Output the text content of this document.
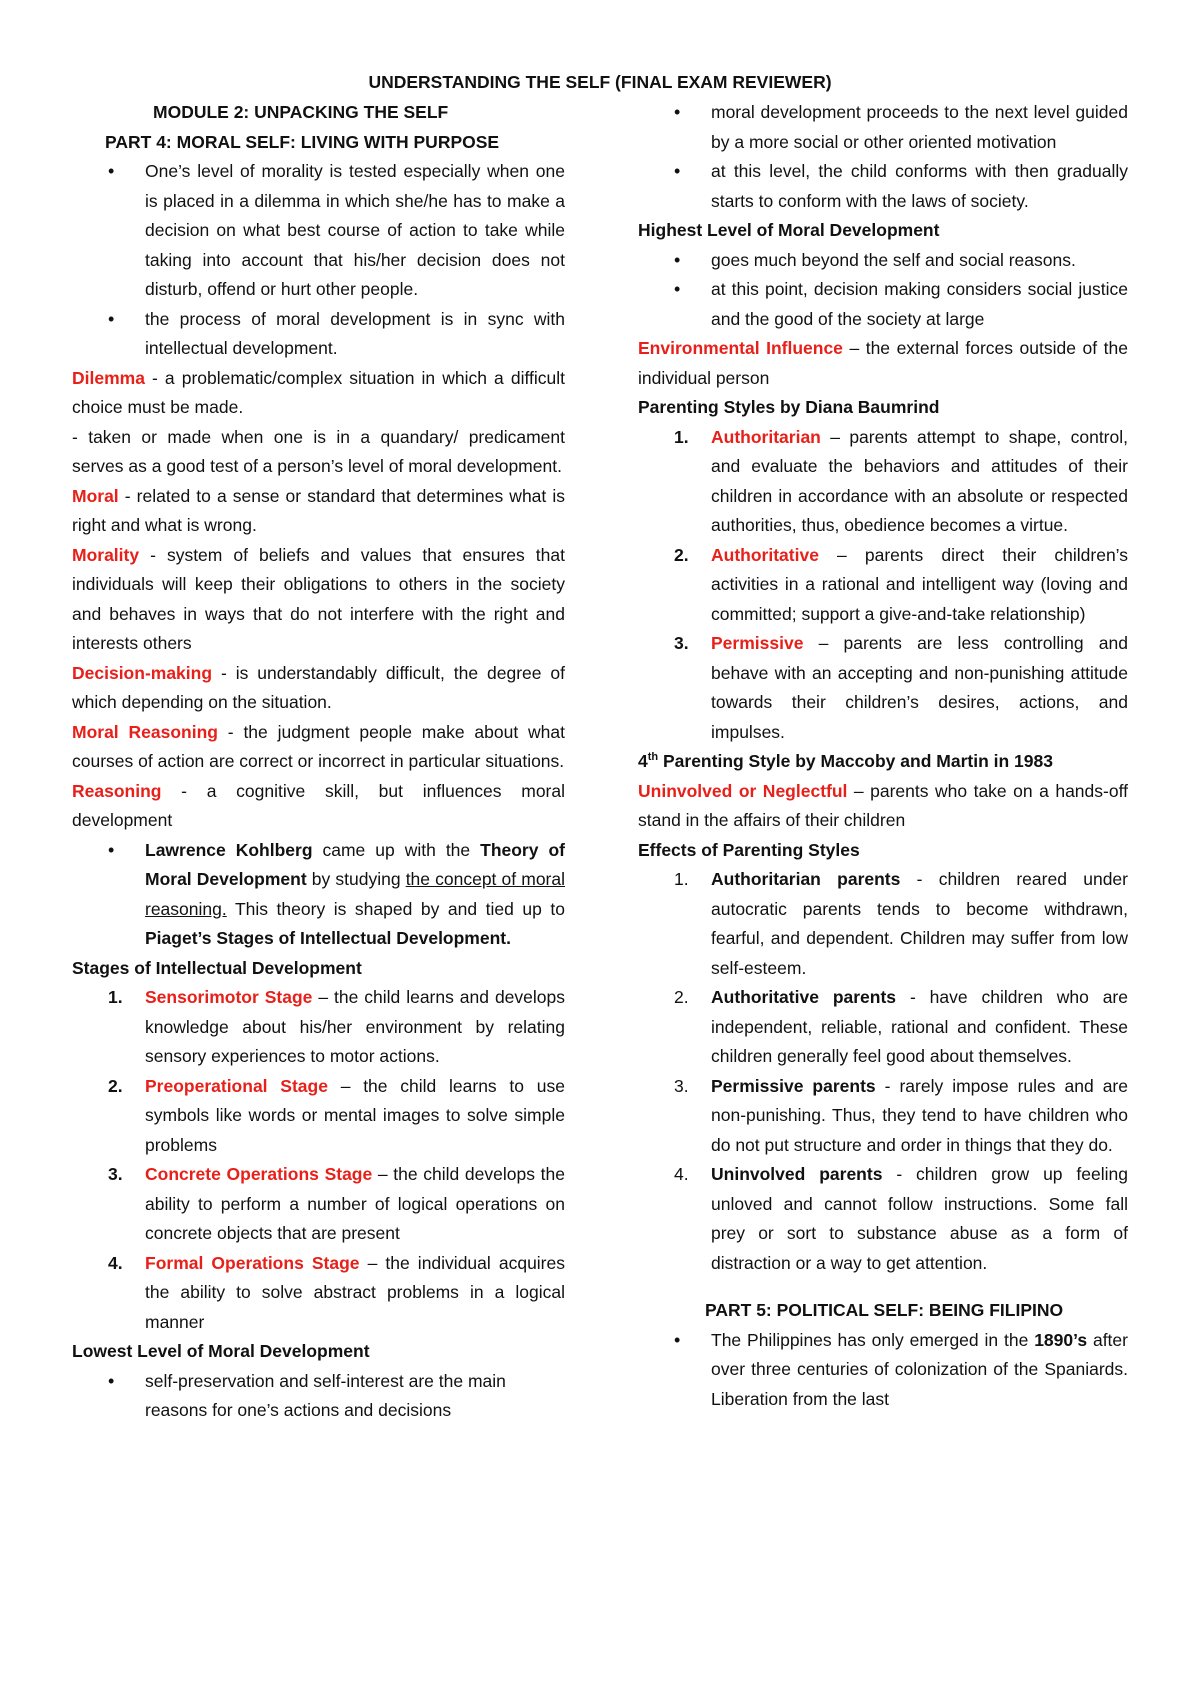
UNDERSTANDING THE SELF (FINAL EXAM REVIEWER)

MODULE 2: UNPACKING THE SELF

PART 4: MORAL SELF: LIVING WITH PURPOSE

• One’s level of morality is tested especially when one is placed in a dilemma in which she/he has to make a decision on what best course of action to take while taking into account that his/her decision does not disturb, offend or hurt other people.
• the process of moral development is in sync with intellectual development.

Dilemma - a problematic/complex situation in which a difficult choice must be made.

- taken or made when one is in a quandary/ predicament serves as a good test of a person’s level of moral development.

Moral - related to a sense or standard that determines what is right and what is wrong.

Morality - system of beliefs and values that ensures that individuals will keep their obligations to others in the society and behaves in ways that do not interfere with the right and interests others

Decision-making - is understandably difficult, the degree of which depending on the situation.

Moral Reasoning - the judgment people make about what courses of action are correct or incorrect in particular situations.

Reasoning - a cognitive skill, but influences moral development

• Lawrence Kohlberg came up with the Theory of Moral Development by studying the concept of moral reasoning. This theory is shaped by and tied up to Piaget’s Stages of Intellectual Development.

Stages of Intellectual Development

1. Sensorimotor Stage – the child learns and develops knowledge about his/her environment by relating sensory experiences to motor actions.
2. Preoperational Stage – the child learns to use symbols like words or mental images to solve simple problems
3. Concrete Operations Stage – the child develops the ability to perform a number of logical operations on concrete objects that are present
4. Formal Operations Stage – the individual acquires the ability to solve abstract problems in a logical manner

Lowest Level of Moral Development

• self-preservation and self-interest are the main reasons for one’s actions and decisions
• moral development proceeds to the next level guided by a more social or other oriented motivation
• at this level, the child conforms with then gradually starts to conform with the laws of society.

Highest Level of Moral Development

• goes much beyond the self and social reasons.
• at this point, decision making considers social justice and the good of the society at large

Environmental Influence – the external forces outside of the individual person

Parenting Styles by Diana Baumrind

1. Authoritarian – parents attempt to shape, control, and evaluate the behaviors and attitudes of their children in accordance with an absolute or respected authorities, thus, obedience becomes a virtue.
2. Authoritative – parents direct their children’s activities in a rational and intelligent way (loving and committed; support a give-and-take relationship)
3. Permissive – parents are less controlling and behave with an accepting and non-punishing attitude towards their children’s desires, actions, and impulses.

4th Parenting Style by Maccoby and Martin in 1983

Uninvolved or Neglectful – parents who take on a hands-off stand in the affairs of their children

Effects of Parenting Styles

1. Authoritarian parents - children reared under autocratic parents tends to become withdrawn, fearful, and dependent. Children may suffer from low self-esteem.
2. Authoritative parents - have children who are independent, reliable, rational and confident. These children generally feel good about themselves.
3. Permissive parents - rarely impose rules and are non-punishing. Thus, they tend to have children who do not put structure and order in things that they do.
4. Uninvolved parents - children grow up feeling unloved and cannot follow instructions. Some fall prey or sort to substance abuse as a form of distraction or a way to get attention.

PART 5: POLITICAL SELF: BEING FILIPINO

• The Philippines has only emerged in the 1890’s after over three centuries of colonization of the Spaniards. Liberation from the last
